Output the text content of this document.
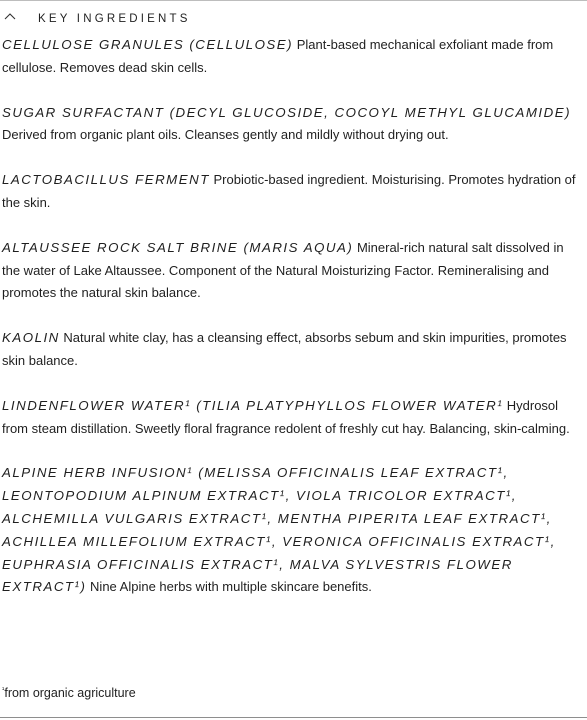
KEY INGREDIENTS

CELLULOSE GRANULES (CELLULOSE) Plant-based mechanical exfoliant made from cellulose. Removes dead skin cells.

SUGAR SURFACTANT (DECYL GLUCOSIDE, COCOYL METHYL GLUCAMIDE) Derived from organic plant oils. Cleanses gently and mildly without drying out.

LACTOBACILLUS FERMENT Probiotic-based ingredient. Moisturising. Promotes hydration of the skin.

ALTAUSSEE ROCK SALT BRINE (MARIS AQUA) Mineral-rich natural salt dissolved in the water of Lake Altaussee. Component of the Natural Moisturizing Factor. Remineralising and promotes the natural skin balance.

KAOLIN Natural white clay, has a cleansing effect, absorbs sebum and skin impurities, promotes skin balance.

LINDENFLOWER WATER¹ (TILIA PLATYPHYLLOS FLOWER WATER¹ Hydrosol from steam distillation. Sweetly floral fragrance redolent of freshly cut hay. Balancing, skin-calming.

ALPINE HERB INFUSION¹ (MELISSA OFFICINALIS LEAF EXTRACT¹, LEONTOPODIUM ALPINUM EXTRACT¹, VIOLA TRICOLOR EXTRACT¹, ALCHEMILLA VULGARIS EXTRACT¹, MENTHA PIPERITA LEAF EXTRACT¹, ACHILLEA MILLEFOLIUM EXTRACT¹, VERONICA OFFICINALIS EXTRACT¹, EUPHRASIA OFFICINALIS EXTRACT¹, MALVA SYLVESTRIS FLOWER EXTRACT¹) Nine Alpine herbs with multiple skincare benefits.

$^{^1}$from organic agriculture
